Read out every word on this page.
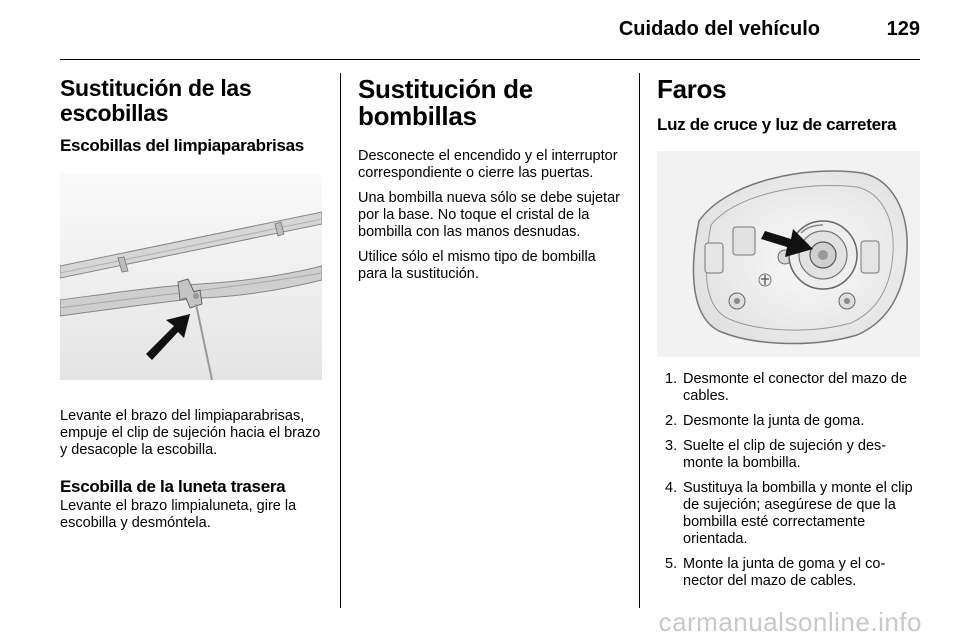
Cuidado del vehículo	129
Sustitución de las escobillas
Escobillas del limpiaparabrisas

Levante el brazo del limpiaparabrisas, empuje el clip de sujeción hacia el brazo y desacople la escobilla.

Escobilla de la luneta trasera

Levante el brazo limpialuneta, gire la escobilla y desmóntela.

Sustitución de bombillas

Desconecte el encendido y el interruptor correspondiente o cierre las puertas.

Una bombilla nueva sólo se debe sujetar por la base. No toque el cristal de la bombilla con las manos desnudas.

Utilice sólo el mismo tipo de bombilla para la sustitución.

Faros
Luz de cruce y luz de carretera
1. Desmonte el conector del mazo de cables.
2. Desmonte la junta de goma.
3. Suelte el clip de sujeción y desmonte la bombilla.
4. Sustituya la bombilla y monte el clip de sujeción; asegúrese de que la bombilla esté correctamente orientada.
5. Monte la junta de goma y el conector del mazo de cables.
carmanualsonline.info
